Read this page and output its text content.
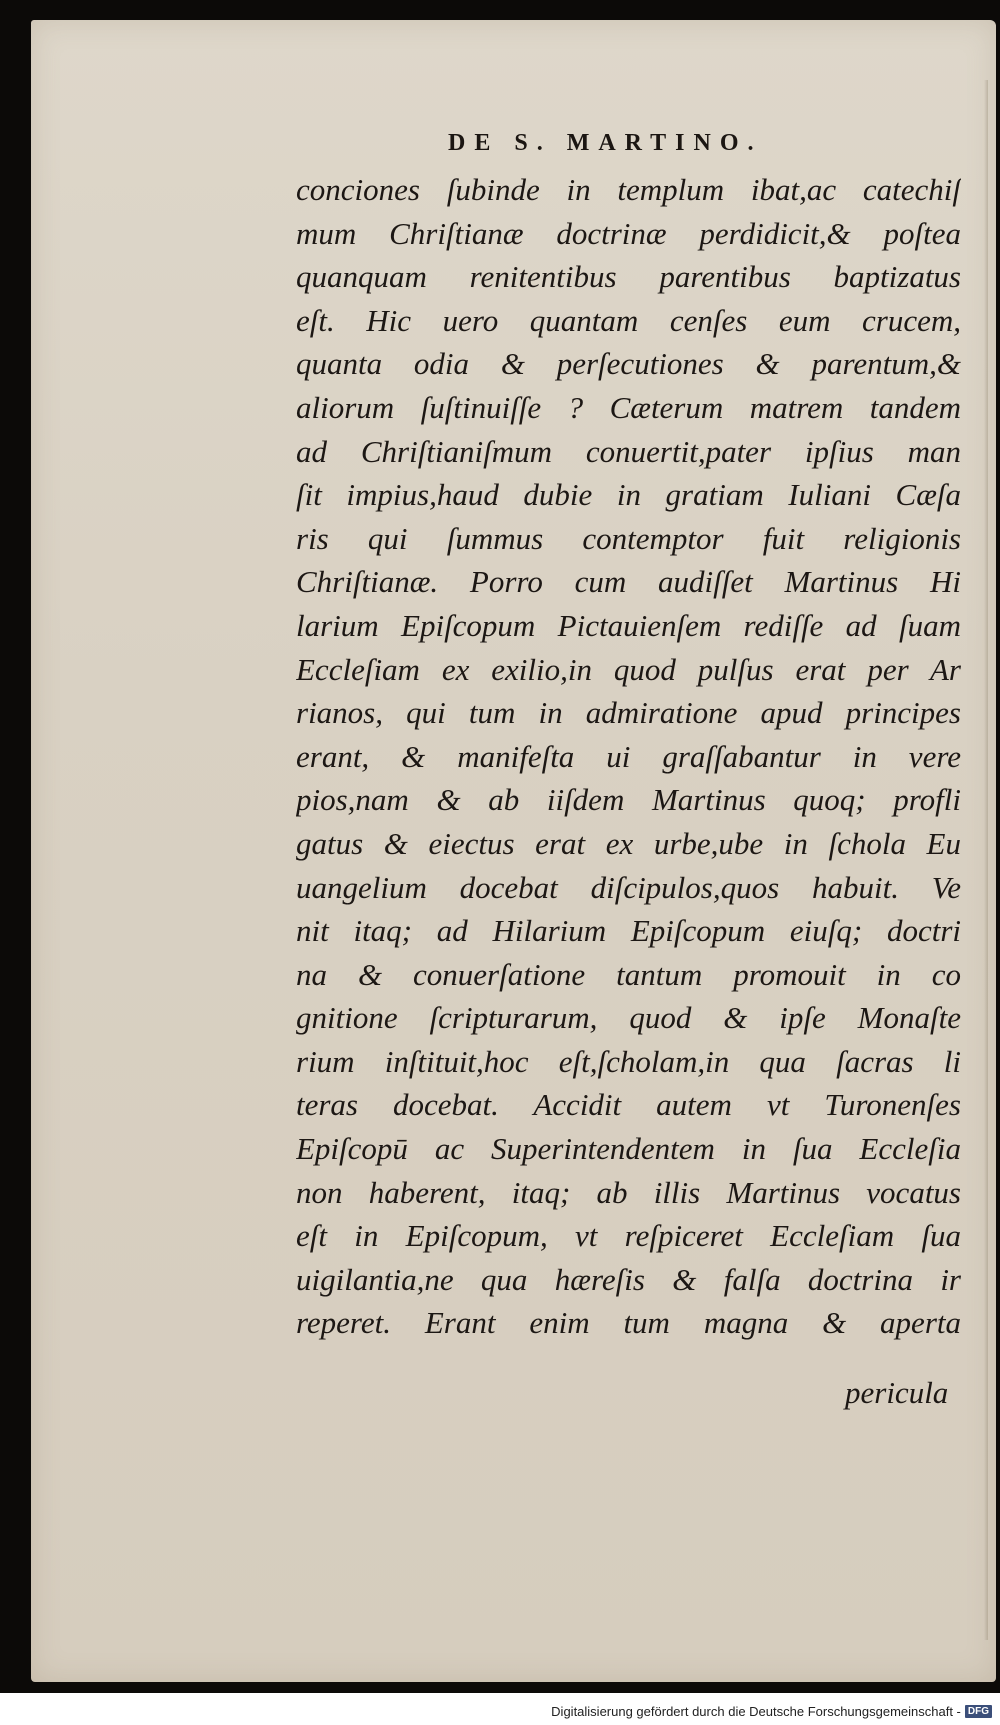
DE S. MARTINO.
conciones ſubinde in templum ibat,ac catechiſ
mum Chriſtianæ doctrinæ perdidicit,& poſtea
quanquam renitentibus parentibus baptizatus
eſt. Hic uero quantam cenſes eum crucem,
quanta odia & perſecutiones & parentum,&
aliorum ſuſtinuiſſe ? Cæterum matrem tandem
ad Chriſtianiſmum conuertit,pater ipſius man
ſit impius,haud dubie in gratiam Iuliani Cæſa
ris qui ſummus contemptor fuit religionis
Chriſtianæ. Porro cum audiſſet Martinus Hi
larium Epiſcopum Pictauienſem rediſſe ad ſuam
Eccleſiam ex exilio,in quod pulſus erat per Ar
rianos, qui tum in admiratione apud principes
erant, & manifeſta ui graſſabantur in vere
pios,nam & ab iiſdem Martinus quoq; profli
gatus & eiectus erat ex urbe,ube in ſchola Eu
uangelium docebat diſcipulos,quos habuit. Ve
nit itaq; ad Hilarium Epiſcopum eiuſq; doctri
na & conuerſatione tantum promouit in co
gnitione ſcripturarum, quod & ipſe Monaſte
rium inſtituit,hoc eſt,ſcholam,in qua ſacras li
teras docebat. Accidit autem vt Turonenſes
Epiſcopū ac Superintendentem in ſua Eccleſia
non haberent, itaq; ab illis Martinus vocatus
eſt in Epiſcopum, vt reſpiceret Eccleſiam ſua
uigilantia,ne qua hæreſis & falſa doctrina ir
reperet. Erant enim tum magna & aperta
pericula
Digitalisierung gefördert durch die Deutsche Forschungsgemeinschaft - DFG
